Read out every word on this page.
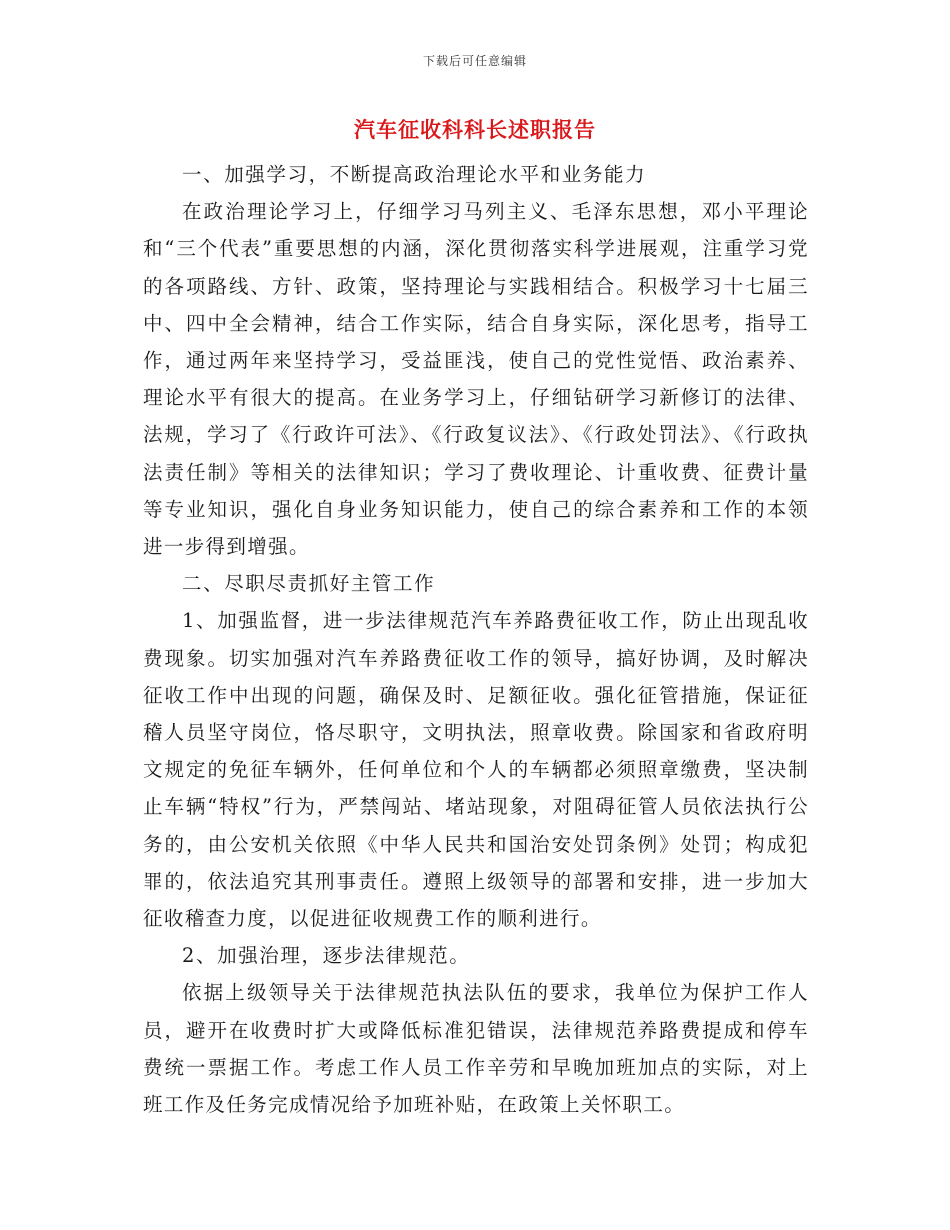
下载后可任意编辑
汽车征收科科长述职报告

一、加强学习，不断提高政治理论水平和业务能力

在政治理论学习上，仔细学习马列主义、毛泽东思想，邓小平理论和“三个代表”重要思想的内涵，深化贯彻落实科学进展观，注重学习党的各项路线、方针、政策，坚持理论与实践相结合。积极学习十七届三中、四中全会精神，结合工作实际，结合自身实际，深化思考，指导工作，通过两年来坚持学习，受益匪浅，使自己的党性觉悟、政治素养、理论水平有很大的提高。在业务学习上，仔细钻研学习新修订的法律、法规，学习了《行政许可法》、《行政复议法》、《行政处罚法》、《行政执法责任制》等相关的法律知识；学习了费收理论、计重收费、征费计量等专业知识，强化自身业务知识能力，使自己的综合素养和工作的本领进一步得到增强。

二、尽职尽责抓好主管工作

1、加强监督，进一步法律规范汽车养路费征收工作，防止出现乱收费现象。切实加强对汽车养路费征收工作的领导，搞好协调，及时解决征收工作中出现的问题，确保及时、足额征收。强化征管措施，保证征稽人员坚守岗位，恪尽职守，文明执法，照章收费。除国家和省政府明文规定的免征车辆外，任何单位和个人的车辆都必须照章缴费，坚决制止车辆“特权”行为，严禁闯站、堵站现象，对阻碍征管人员依法执行公务的，由公安机关依照《中华人民共和国治安处罚条例》处罚；构成犯罪的，依法追究其刑事责任。遵照上级领导的部署和安排，进一步加大征收稽查力度，以促进征收规费工作的顺利进行。

2、加强治理，逐步法律规范。

依据上级领导关于法律规范执法队伍的要求，我单位为保护工作人员，避开在收费时扩大或降低标准犯错误，法律规范养路费提成和停车费统一票据工作。考虑工作人员工作辛劳和早晚加班加点的实际，对上班工作及任务完成情况给予加班补贴，在政策上关怀职工。
